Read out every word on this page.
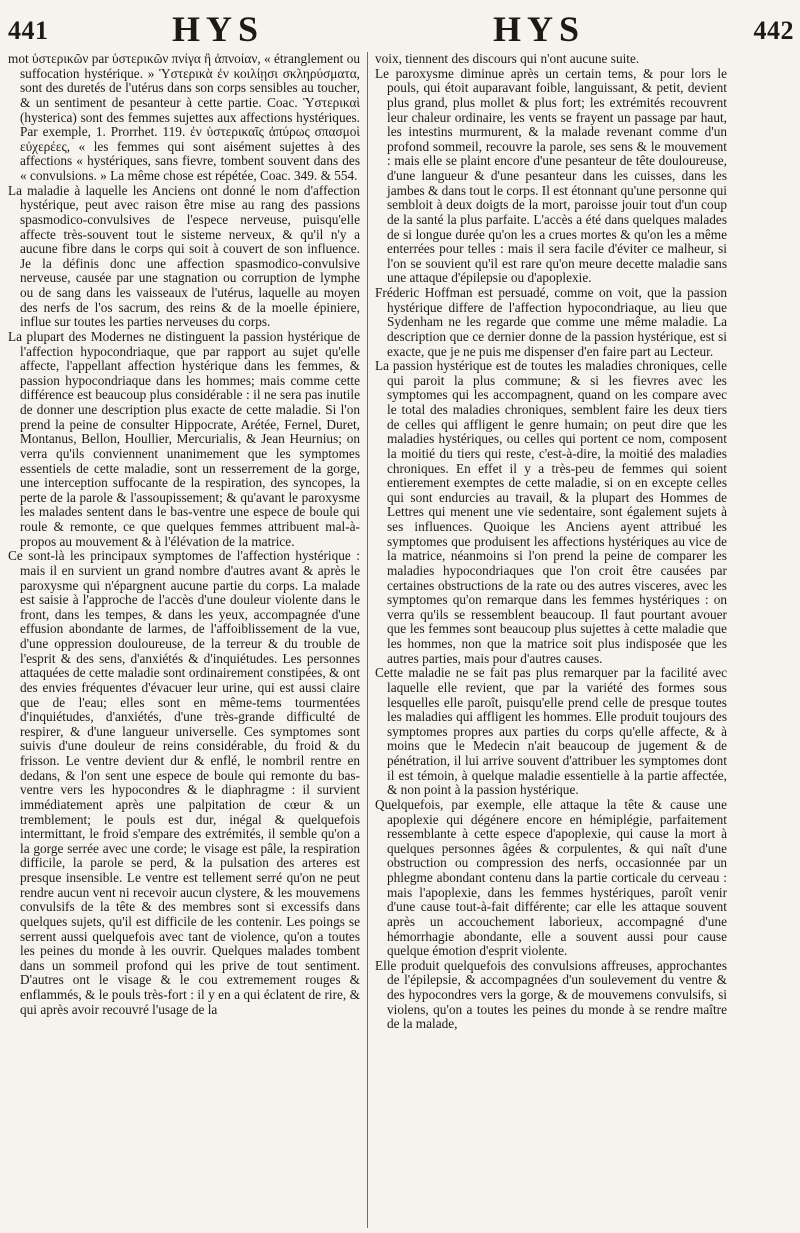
441	HYS	HYS	442

mot ὑστερικῶν par ὑστερικῶν πνίγα ἢ ἀπνοίαν, « étranglement ou suffocation hystérique. » Ὑστερικὰ ἐν κοιλίῃσι σκληρύσματα, sont des duretés de l'utérus dans son corps sensibles au toucher, & un sentiment de pesanteur à cette partie. Coac. Ὑστερικαὶ (hysterica) sont des femmes sujettes aux affections hystériques. Par exemple, 1. Prorrhet. 119. ἐν ὑστερικαῖς ἀπύρως σπασμοὶ εὐχερέες, « les femmes qui sont aisément sujettes à des affections « hystériques, sans fievre, tombent souvent dans des « convulsions. » La même chose est répétée, Coac. 349. & 554.

La maladie à laquelle les Anciens ont donné le nom d'affection hystérique, peut avec raison être mise au rang des passions spasmodico-convulsives de l'espece nerveuse, puisqu'elle affecte très-souvent tout le sisteme nerveux, & qu'il n'y a aucune fibre dans le corps qui soit à couvert de son influence. Je la définis donc une affection spasmodico-convulsive nerveuse, causée par une stagnation ou corruption de lymphe ou de sang dans les vaisseaux de l'utérus, laquelle au moyen des nerfs de l'os sacrum, des reins & de la moelle épiniere, influe sur toutes les parties nerveuses du corps.

La plupart des Modernes ne distinguent la passion hystérique de l'affection hypocondriaque, que par rapport au sujet qu'elle affecte, l'appellant affection hystérique dans les femmes, & passion hypocondriaque dans les hommes; mais comme cette différence est beaucoup plus considérable : il ne sera pas inutile de donner une description plus exacte de cette maladie. Si l'on prend la peine de consulter Hippocrate, Arétée, Fernel, Duret, Montanus, Bellon, Houllier, Mercurialis, & Jean Heurnius; on verra qu'ils conviennent unanimement que les symptomes essentiels de cette maladie, sont un resserrement de la gorge, une interception suffocante de la respiration, des syncopes, la perte de la parole & l'assoupissement; & qu'avant le paroxysme les malades sentent dans le bas-ventre une espece de boule qui roule & remonte, ce que quelques femmes attribuent mal-à-propos au mouvement & à l'élévation de la matrice.

Ce sont-là les principaux symptomes de l'affection hystérique : mais il en survient un grand nombre d'autres avant & après le paroxysme qui n'épargnent aucune partie du corps. La malade est saisie à l'approche de l'accès d'une douleur violente dans le front, dans les tempes, & dans les yeux, accompagnée d'une effusion abondante de larmes, de l'affoiblissement de la vue, d'une oppression douloureuse, de la terreur & du trouble de l'esprit & des sens, d'anxiétés & d'inquiétudes. Les personnes attaquées de cette maladie sont ordinairement constipées, & ont des envies fréquentes d'évacuer leur urine, qui est aussi claire que de l'eau; elles sont en même-tems tourmentées d'inquiétudes, d'anxiétés, d'une très-grande difficulté de respirer, & d'une langueur universelle. Ces symptomes sont suivis d'une douleur de reins considérable, du froid & du frisson. Le ventre devient dur & enflé, le nombril rentre en dedans, & l'on sent une espece de boule qui remonte du bas-ventre vers les hypocondres & le diaphragme : il survient immédiatement après une palpitation de cœur & un tremblement; le pouls est dur, inégal & quelquefois intermittant, le froid s'empare des extrémités, il semble qu'on a la gorge serrée avec une corde; le visage est pâle, la respiration difficile, la parole se perd, & la pulsation des arteres est presque insensible. Le ventre est tellement serré qu'on ne peut rendre aucun vent ni recevoir aucun clystere, & les mouvemens convulsifs de la tête & des membres sont si excessifs dans quelques sujets, qu'il est difficile de les contenir. Les poings se serrent aussi quelquefois avec tant de violence, qu'on a toutes les peines du monde à les ouvrir. Quelques malades tombent dans un sommeil profond qui les prive de tout sentiment. D'autres ont le visage & le cou extremement rouges & enflammés, & le pouls très-fort : il y en a qui éclatent de rire, & qui après avoir recouvré l'usage de la

voix, tiennent des discours qui n'ont aucune suite.

Le paroxysme diminue après un certain tems, & pour lors le pouls, qui étoit auparavant foible, languissant, & petit, devient plus grand, plus mollet & plus fort; les extrémités recouvrent leur chaleur ordinaire, les vents se frayent un passage par haut, les intestins murmurent, & la malade revenant comme d'un profond sommeil, recouvre la parole, ses sens & le mouvement : mais elle se plaint encore d'une pesanteur de tête douloureuse, d'une langueur & d'une pesanteur dans les cuisses, dans les jambes & dans tout le corps. Il est étonnant qu'une personne qui sembloit à deux doigts de la mort, paroisse jouir tout d'un coup de la santé la plus parfaite. L'accès a été dans quelques malades de si longue durée qu'on les a crues mortes & qu'on les a même enterrées pour telles : mais il sera facile d'éviter ce malheur, si l'on se souvient qu'il est rare qu'on meure decette maladie sans une attaque d'épilepsie ou d'apoplexie.

Fréderic Hoffman est persuadé, comme on voit, que la passion hystérique differe de l'affection hypocondriaque, au lieu que Sydenham ne les regarde que comme une même maladie. La description que ce dernier donne de la passion hystérique, est si exacte, que je ne puis me dispenser d'en faire part au Lecteur.

La passion hystérique est de toutes les maladies chroniques, celle qui paroit la plus commune; & si les fievres avec les symptomes qui les accompagnent, quand on les compare avec le total des maladies chroniques, semblent faire les deux tiers de celles qui affligent le genre humain; on peut dire que les maladies hystériques, ou celles qui portent ce nom, composent la moitié du tiers qui reste, c'est-à-dire, la moitié des maladies chroniques. En effet il y a très-peu de femmes qui soient entierement exemptes de cette maladie, si on en excepte celles qui sont endurcies au travail, & la plupart des Hommes de Lettres qui menent une vie sedentaire, sont également sujets à ses influences. Quoique les Anciens ayent attribué les symptomes que produisent les affections hystériques au vice de la matrice, néanmoins si l'on prend la peine de comparer les maladies hypocondriaques que l'on croit être causées par certaines obstructions de la rate ou des autres visceres, avec les symptomes qu'on remarque dans les femmes hystériques : on verra qu'ils se ressemblent beaucoup. Il faut pourtant avouer que les femmes sont beaucoup plus sujettes à cette maladie que les hommes, non que la matrice soit plus indisposée que les autres parties, mais pour d'autres causes.

Cette maladie ne se fait pas plus remarquer par la facilité avec laquelle elle revient, que par la variété des formes sous lesquelles elle paroît, puisqu'elle prend celle de presque toutes les maladies qui affligent les hommes. Elle produit toujours des symptomes propres aux parties du corps qu'elle affecte, & à moins que le Medecin n'ait beaucoup de jugement & de pénétration, il lui arrive souvent d'attribuer les symptomes dont il est témoin, à quelque maladie essentielle à la partie affectée, & non point à la passion hystérique.

Quelquefois, par exemple, elle attaque la tête & cause une apoplexie qui dégénere encore en hémiplégie, parfaitement ressemblante à cette espece d'apoplexie, qui cause la mort à quelques personnes âgées & corpulentes, & qui naît d'une obstruction ou compression des nerfs, occasionnée par un phlegme abondant contenu dans la partie corticale du cerveau : mais l'apoplexie, dans les femmes hystériques, paroît venir d'une cause tout-à-fait différente; car elle les attaque souvent après un accouchement laborieux, accompagné d'une hémorrhagie abondante, elle a souvent aussi pour cause quelque émotion d'esprit violente.

Elle produit quelquefois des convulsions affreuses, approchantes de l'épilepsie, & accompagnées d'un soulevement du ventre & des hypocondres vers la gorge, & de mouvemens convulsifs, si violens, qu'on a toutes les peines du monde à se rendre maître de la malade,
